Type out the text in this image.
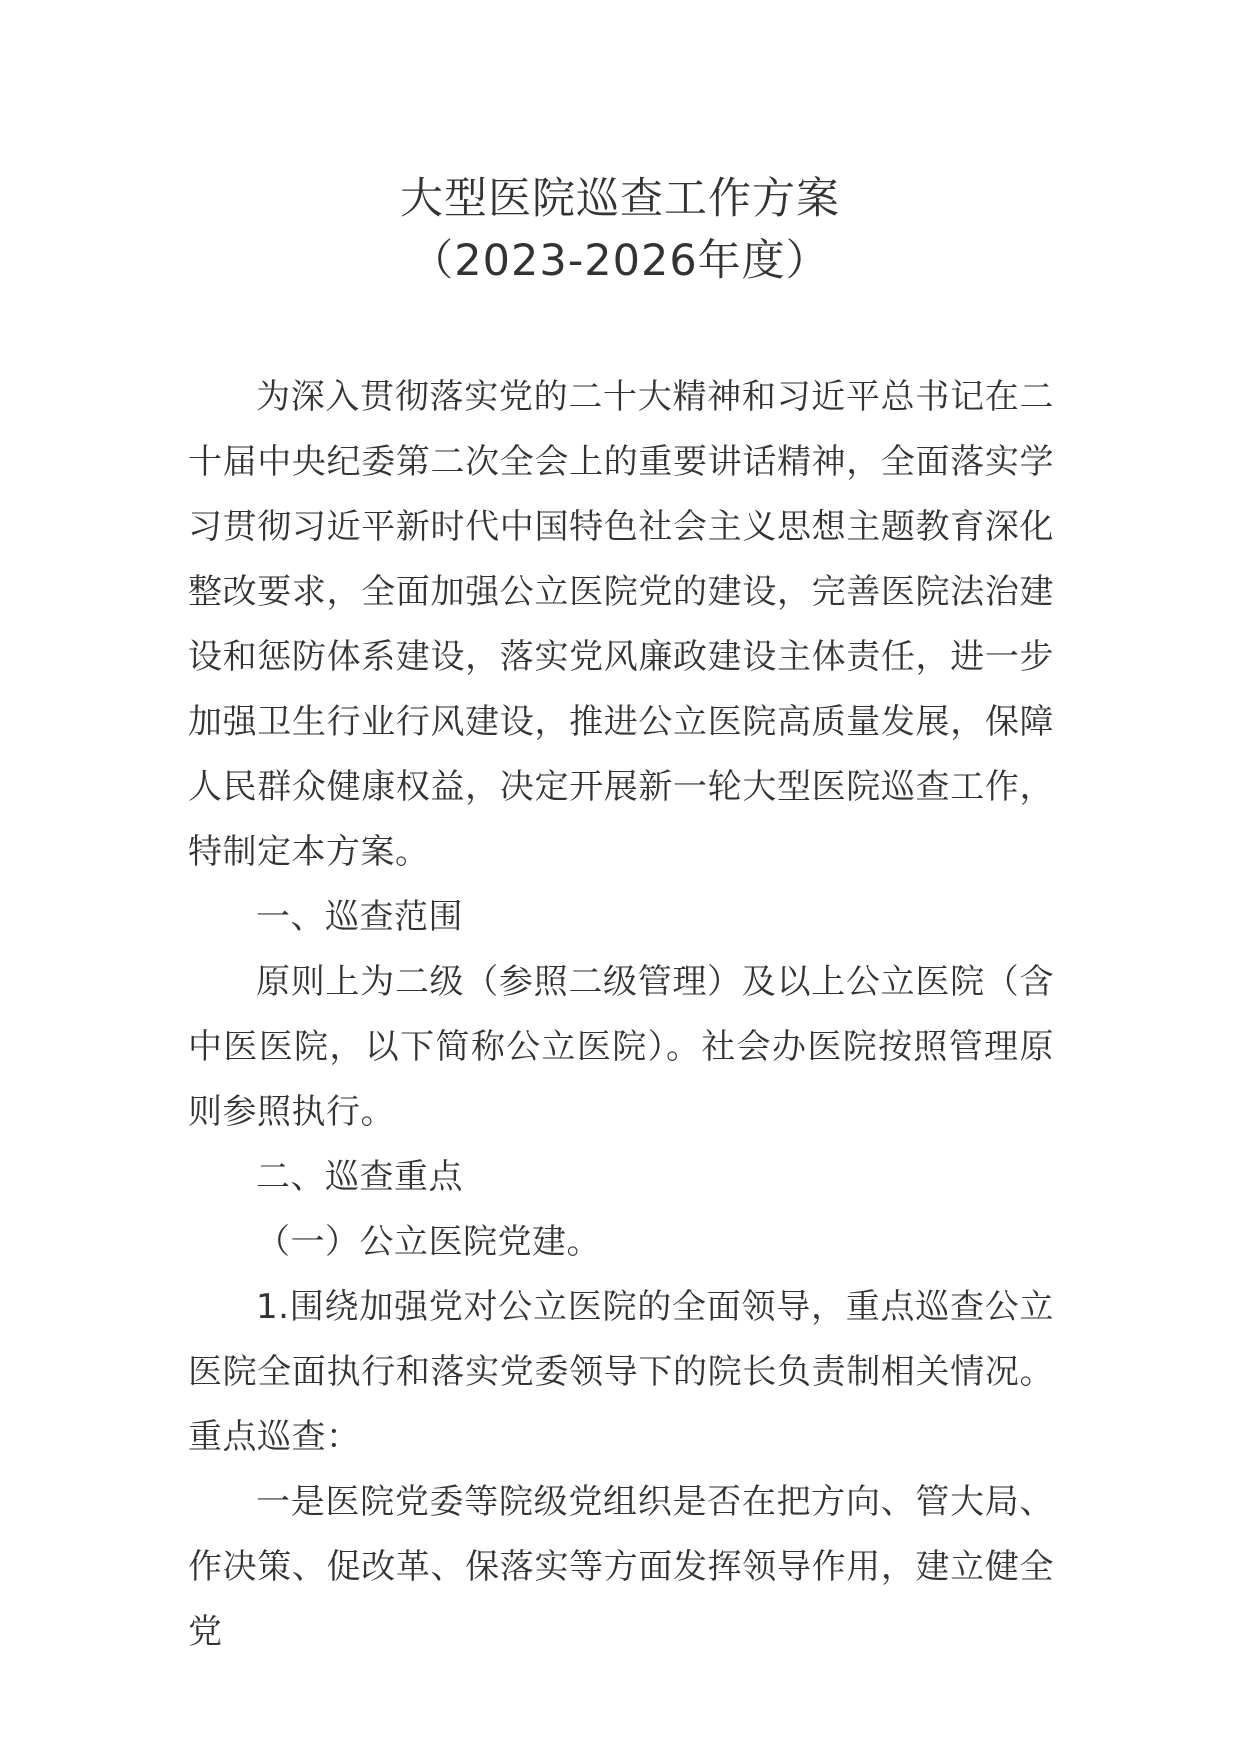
大型医院巡查工作方案
（2023-2026年度）

为深入贯彻落实党的二十大精神和习近平总书记在二十届中央纪委第二次全会上的重要讲话精神，全面落实学习贯彻习近平新时代中国特色社会主义思想主题教育深化整改要求，全面加强公立医院党的建设，完善医院法治建设和惩防体系建设，落实党风廉政建设主体责任，进一步加强卫生行业行风建设，推进公立医院高质量发展，保障人民群众健康权益，决定开展新一轮大型医院巡查工作，特制定本方案。

一、巡查范围

原则上为二级（参照二级管理）及以上公立医院（含中医医院，以下简称公立医院）。社会办医院按照管理原则参照执行。

二、巡查重点

（一）公立医院党建。

1.围绕加强党对公立医院的全面领导，重点巡查公立医院全面执行和落实党委领导下的院长负责制相关情况。重点巡查：

一是医院党委等院级党组织是否在把方向、管大局、作决策、促改革、保落实等方面发挥领导作用，建立健全党
